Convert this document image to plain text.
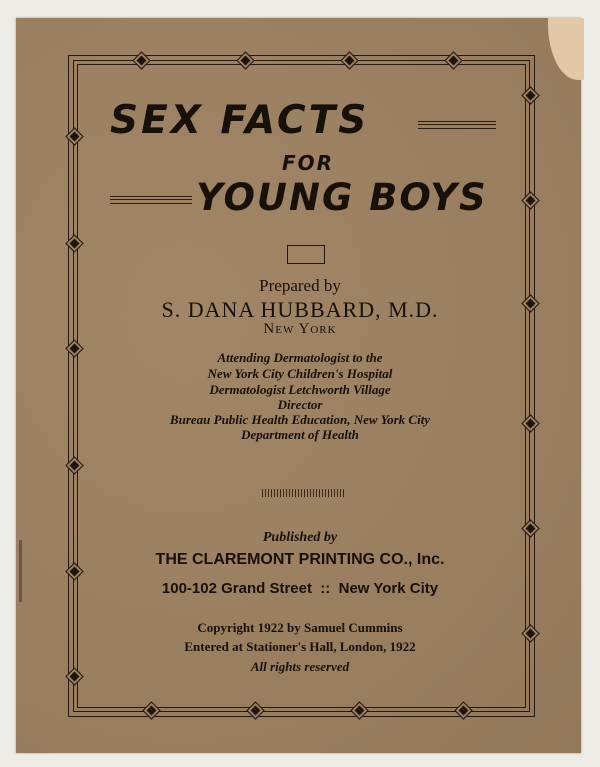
SEX FACTS
FOR
YOUNG BOYS
Prepared by
S. DANA HUBBARD, M.D.
New York
Attending Dermatologist to the
New York City Children's Hospital
Dermatologist Letchworth Village
Director
Bureau Public Health Education, New York City
Department of Health
Published by
THE CLAREMONT PRINTING CO., Inc.
100-102 Grand Street  ::  New York City
Copyright 1922 by Samuel Cummins
Entered at Stationer's Hall, London, 1922
All rights reserved
